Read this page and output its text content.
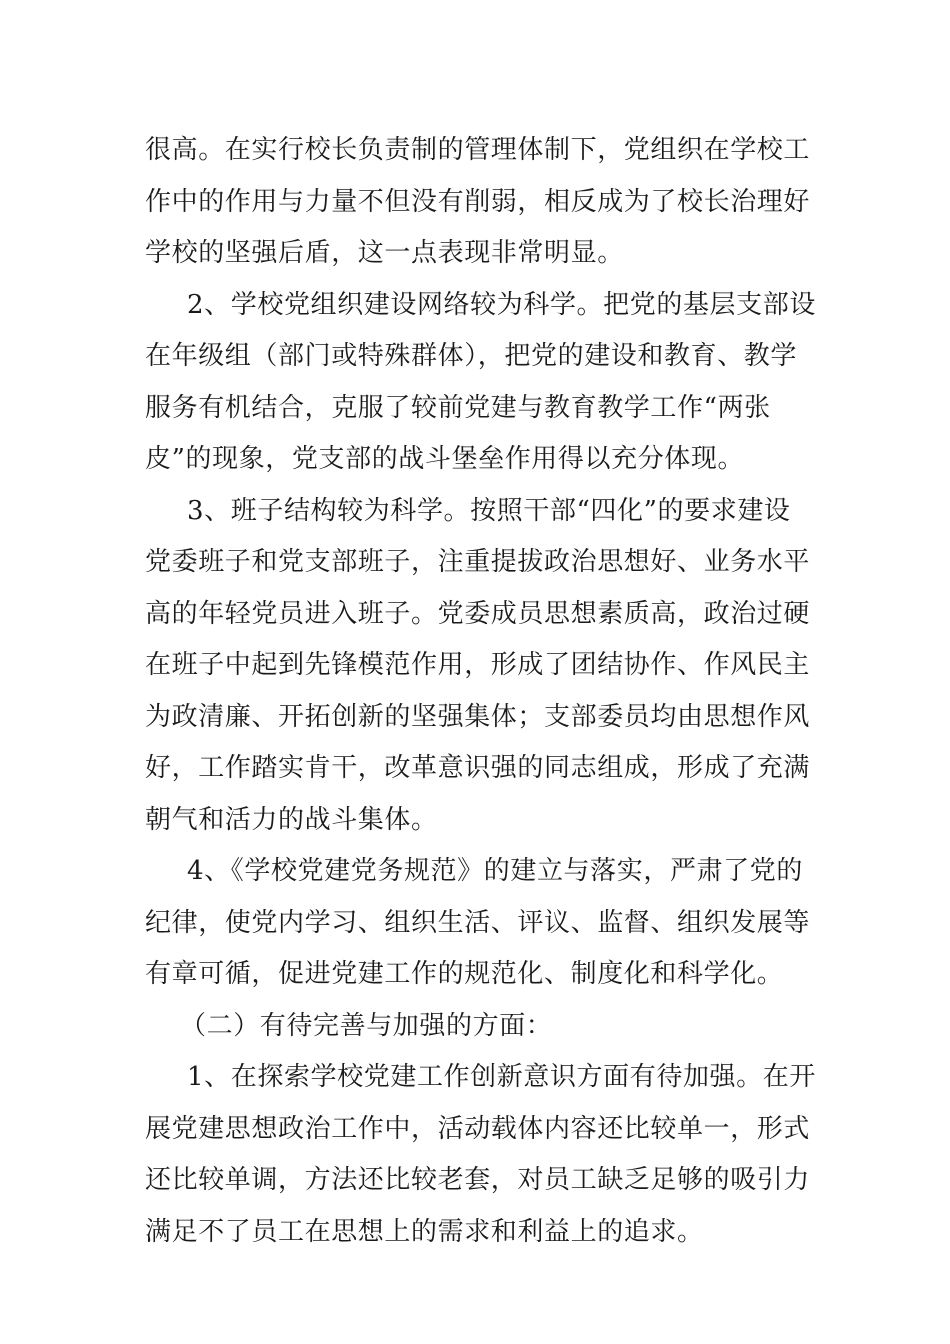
很高。在实行校长负责制的管理体制下，党组织在学校工
作中的作用与力量不但没有削弱，相反成为了校长治理好
学校的坚强后盾，这一点表现非常明显。
2、学校党组织建设网络较为科学。把党的基层支部设
在年级组（部门或特殊群体），把党的建设和教育、教学
服务有机结合，克服了较前党建与教育教学工作“两张
皮”的现象，党支部的战斗堡垒作用得以充分体现。
3、班子结构较为科学。按照干部“四化”的要求建设
党委班子和党支部班子，注重提拔政治思想好、业务水平
高的年轻党员进入班子。党委成员思想素质高，政治过硬
在班子中起到先锋模范作用，形成了团结协作、作风民主
为政清廉、开拓创新的坚强集体；支部委员均由思想作风
好，工作踏实肯干，改革意识强的同志组成，形成了充满
朝气和活力的战斗集体。
4、《学校党建党务规范》的建立与落实，严肃了党的
纪律，使党内学习、组织生活、评议、监督、组织发展等
有章可循，促进党建工作的规范化、制度化和科学化。
（二）有待完善与加强的方面：
1、在探索学校党建工作创新意识方面有待加强。在开
展党建思想政治工作中，活动载体内容还比较单一，形式
还比较单调，方法还比较老套，对员工缺乏足够的吸引力
满足不了员工在思想上的需求和利益上的追求。
